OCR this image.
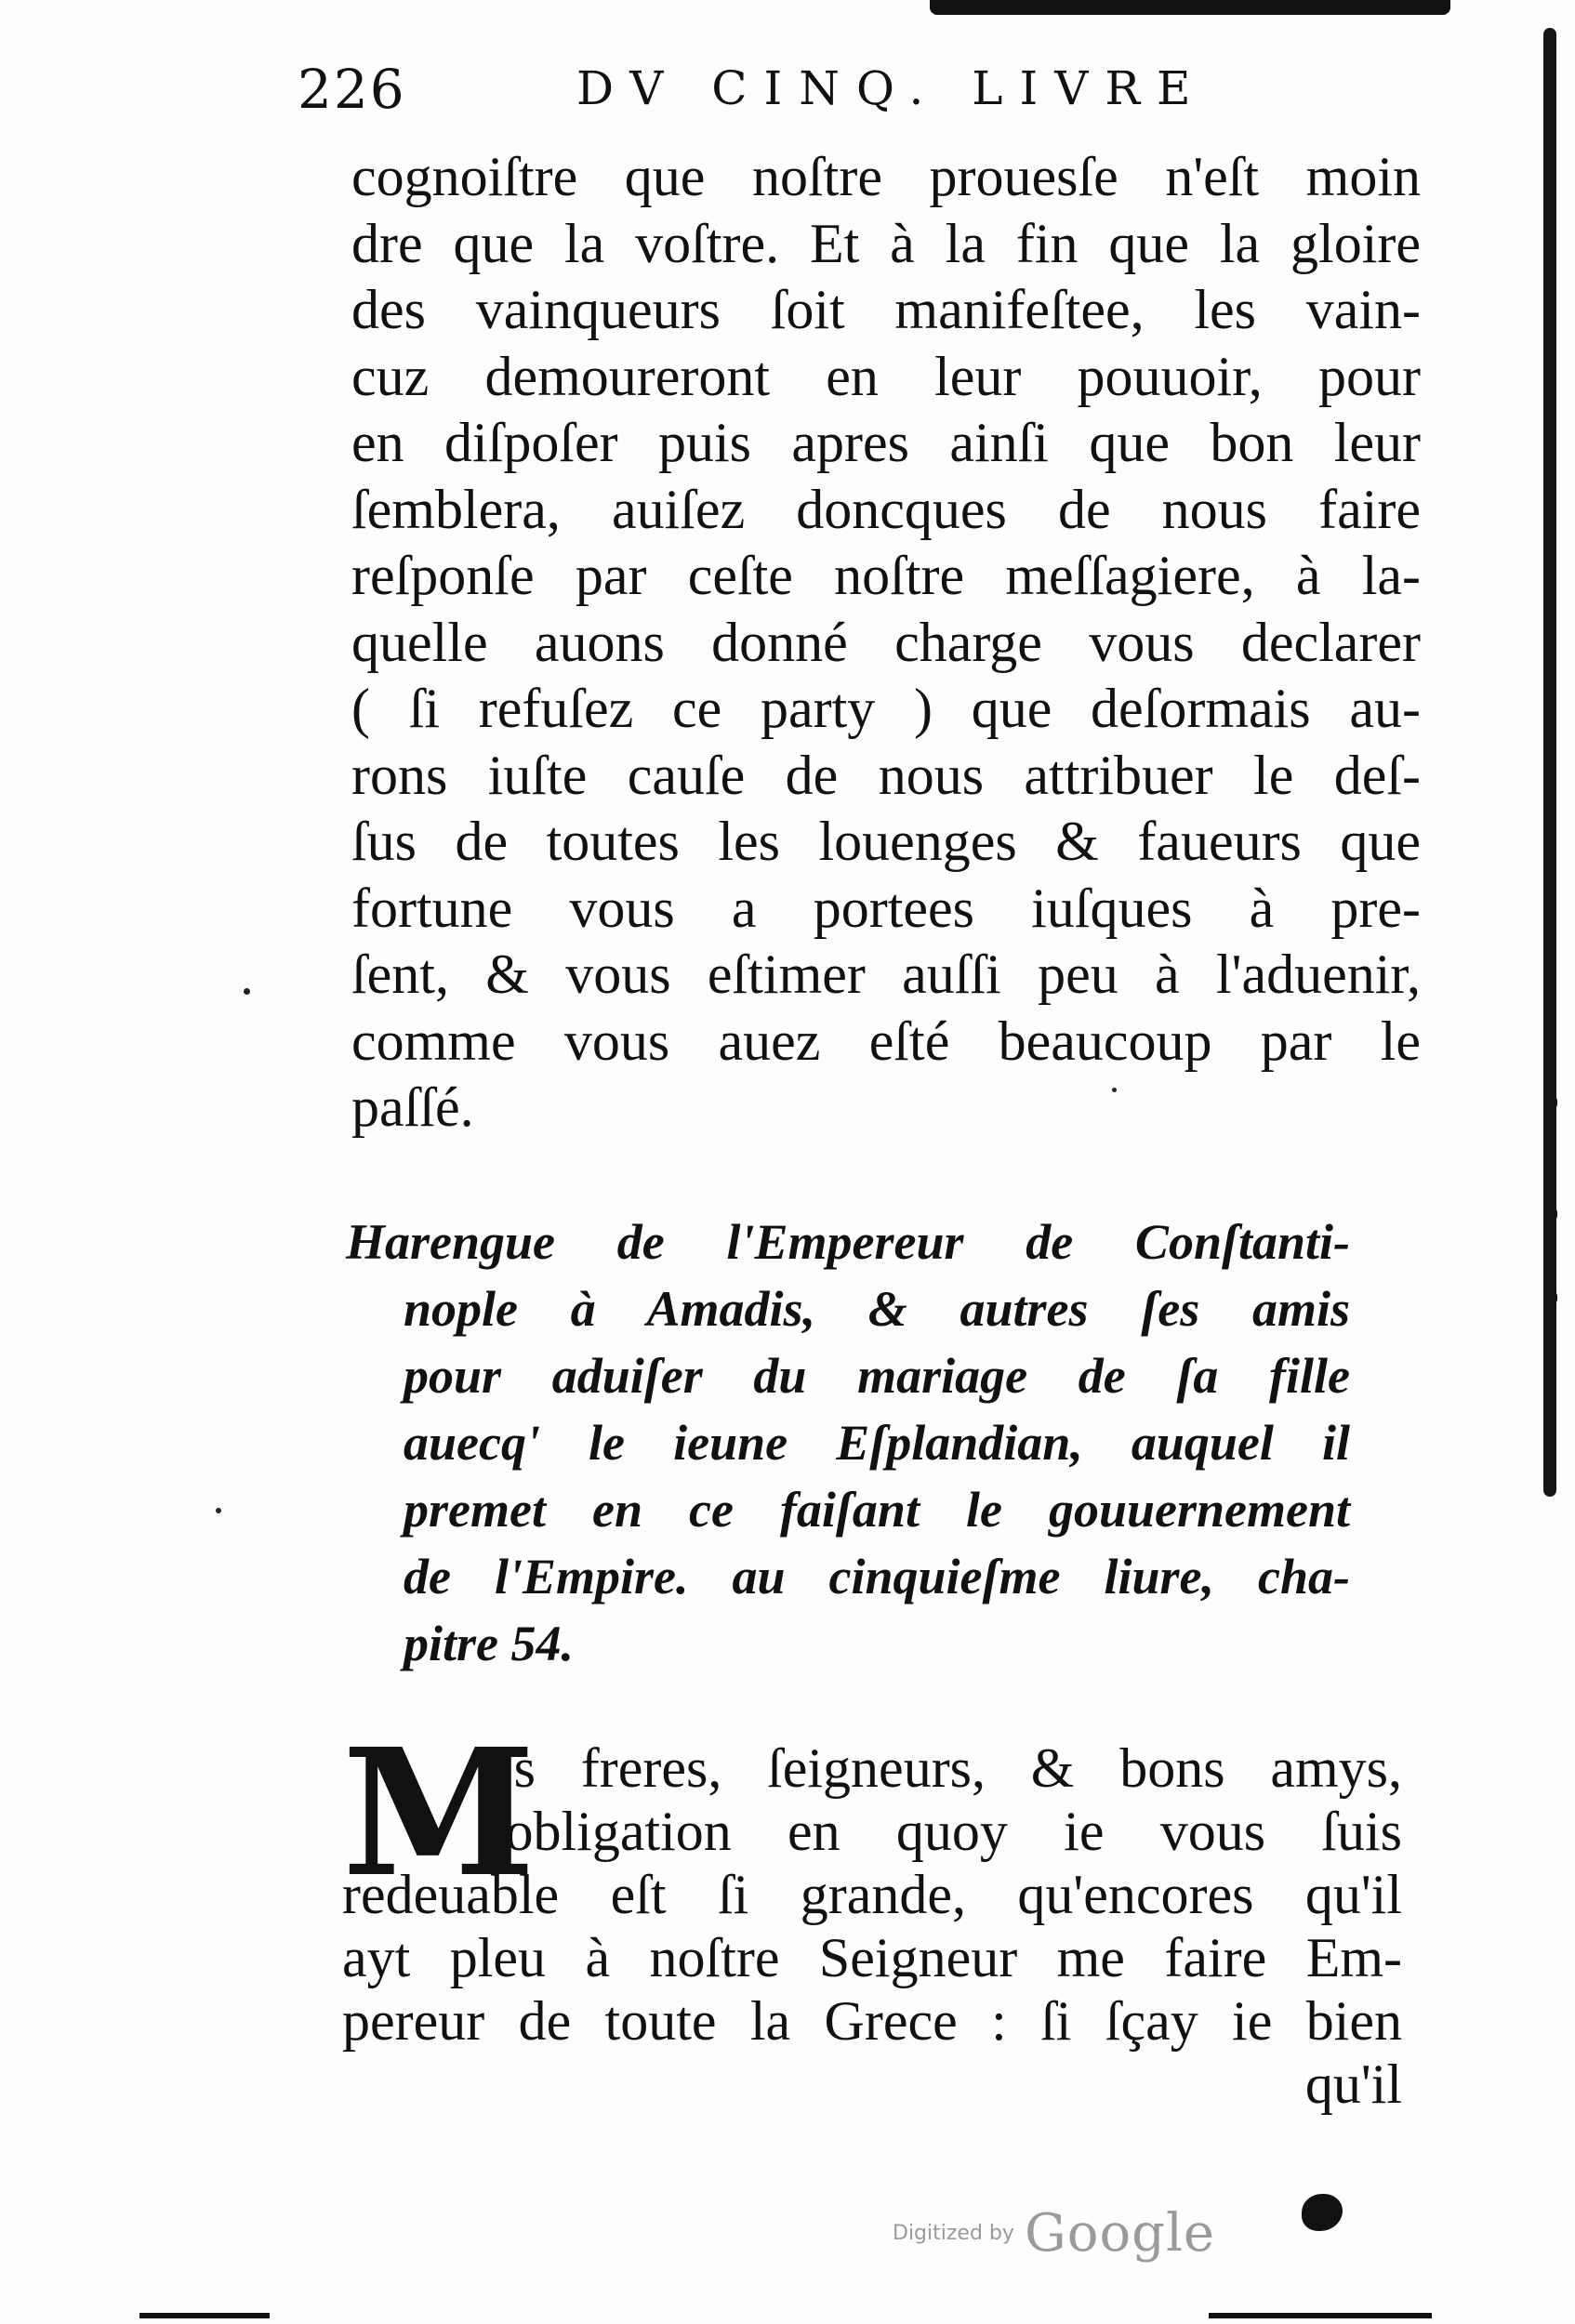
226	DV CINQ. LIVRE
cognoiſtre que noſtre prouesſe n'eſt moin
dre que la voſtre. Et à la fin que la gloire
des vainqueurs ſoit manifeſtee, les vain-
cuz demoureront en leur pouuoir, pour
en diſpoſer puis apres ainſi que bon leur
ſemblera, auiſez doncques de nous faire
reſponſe par ceſte noſtre meſſagiere, à la-
quelle auons donné charge vous declarer
( ſi refuſez ce party ) que deſormais au-
rons iuſte cauſe de nous attribuer le deſ-
ſus de toutes les louenges & faueurs que
fortune vous a portees iuſques à pre-
ſent, & vous eſtimer auſſi peu à l'aduenir,
comme vous auez eſté beaucoup par le
paſſé.
Harengue de l'Empereur de Conſtanti-
nople à Amadis, & autres ſes amis
pour aduiſer du mariage de ſa fille
auecq' le ieune Eſplandian, auquel il
premet en ce faiſant le gouuernement
de l'Empire. au cinquieſme liure, cha-
pitre 54.
M
Es freres, ſeigneurs, & bons amys,
l'obligation en quoy ie vous ſuis
redeuable eſt ſi grande, qu'encores qu'il
ayt pleu à noſtre Seigneur me faire Em-
pereur de toute la Grece : ſi ſçay ie bien
qu'il
Digitized by Google
